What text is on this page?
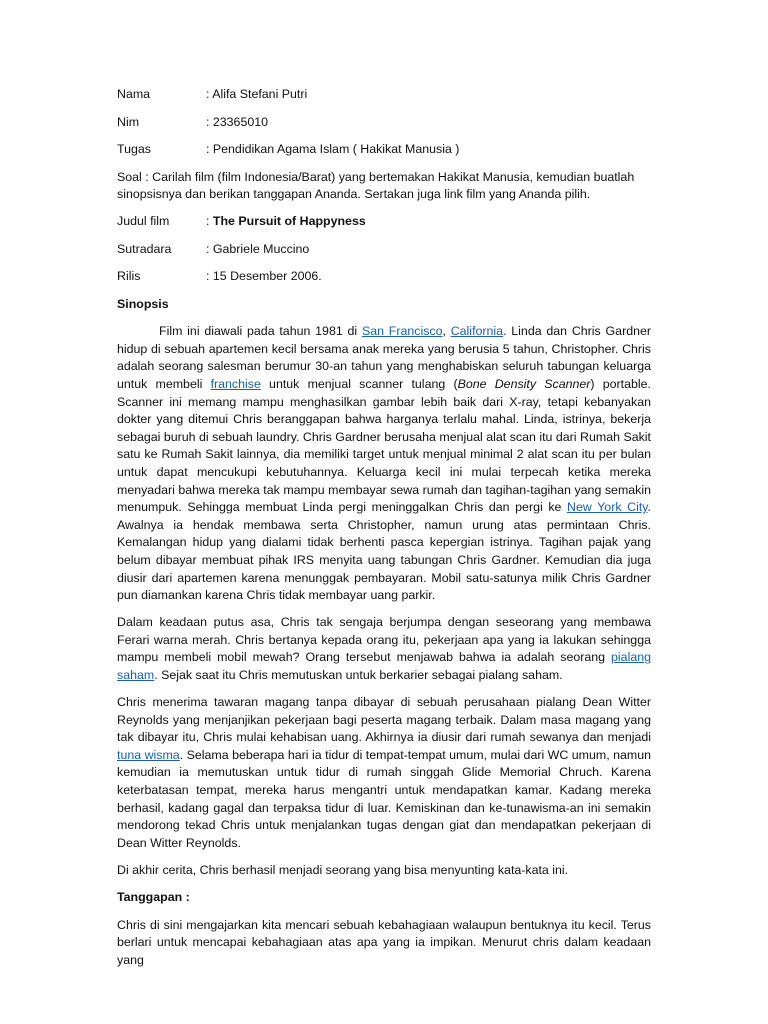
Nama	: Alifa Stefani Putri
Nim	: 23365010
Tugas	: Pendidikan Agama Islam ( Hakikat Manusia )
Soal : Carilah film (film Indonesia/Barat) yang bertemakan Hakikat Manusia, kemudian buatlah sinopsisnya dan berikan tanggapan Ananda. Sertakan juga link film yang Ananda pilih.
Judul film	: The Pursuit of Happyness
Sutradara	: Gabriele Muccino
Rilis	: 15 Desember 2006.
Sinopsis

Film ini diawali pada tahun 1981 di San Francisco, California. Linda dan Chris Gardner hidup di sebuah apartemen kecil bersama anak mereka yang berusia 5 tahun, Christopher. Chris adalah seorang salesman berumur 30-an tahun yang menghabiskan seluruh tabungan keluarga untuk membeli franchise untuk menjual scanner tulang (Bone Density Scanner) portable. Scanner ini memang mampu menghasilkan gambar lebih baik dari X-ray, tetapi kebanyakan dokter yang ditemui Chris beranggapan bahwa harganya terlalu mahal. Linda, istrinya, bekerja sebagai buruh di sebuah laundry. Chris Gardner berusaha menjual alat scan itu dari Rumah Sakit satu ke Rumah Sakit lainnya, dia memiliki target untuk menjual minimal 2 alat scan itu per bulan untuk dapat mencukupi kebutuhannya. Keluarga kecil ini mulai terpecah ketika mereka menyadari bahwa mereka tak mampu membayar sewa rumah dan tagihan-tagihan yang semakin menumpuk. Sehingga membuat Linda pergi meninggalkan Chris dan pergi ke New York City. Awalnya ia hendak membawa serta Christopher, namun urung atas permintaan Chris. Kemalangan hidup yang dialami tidak berhenti pasca kepergian istrinya. Tagihan pajak yang belum dibayar membuat pihak IRS menyita uang tabungan Chris Gardner. Kemudian dia juga diusir dari apartemen karena menunggak pembayaran. Mobil satu-satunya milik Chris Gardner pun diamankan karena Chris tidak membayar uang parkir.

Dalam keadaan putus asa, Chris tak sengaja berjumpa dengan seseorang yang membawa Ferari warna merah. Chris bertanya kepada orang itu, pekerjaan apa yang ia lakukan sehingga mampu membeli mobil mewah? Orang tersebut menjawab bahwa ia adalah seorang pialang saham. Sejak saat itu Chris memutuskan untuk berkarier sebagai pialang saham.

Chris menerima tawaran magang tanpa dibayar di sebuah perusahaan pialang Dean Witter Reynolds yang menjanjikan pekerjaan bagi peserta magang terbaik. Dalam masa magang yang tak dibayar itu, Chris mulai kehabisan uang. Akhirnya ia diusir dari rumah sewanya dan menjadi tuna wisma. Selama beberapa hari ia tidur di tempat-tempat umum, mulai dari WC umum, namun kemudian ia memutuskan untuk tidur di rumah singgah Glide Memorial Chruch. Karena keterbatasan tempat, mereka harus mengantri untuk mendapatkan kamar. Kadang mereka berhasil, kadang gagal dan terpaksa tidur di luar. Kemiskinan dan ke-tunawisma-an ini semakin mendorong tekad Chris untuk menjalankan tugas dengan giat dan mendapatkan pekerjaan di Dean Witter Reynolds.

Di akhir cerita, Chris berhasil menjadi seorang yang bisa menyunting kata-kata ini.

Tanggapan :

Chris di sini mengajarkan kita mencari sebuah kebahagiaan walaupun bentuknya itu kecil. Terus berlari untuk mencapai kebahagiaan atas apa yang ia impikan. Menurut chris dalam keadaan yang
